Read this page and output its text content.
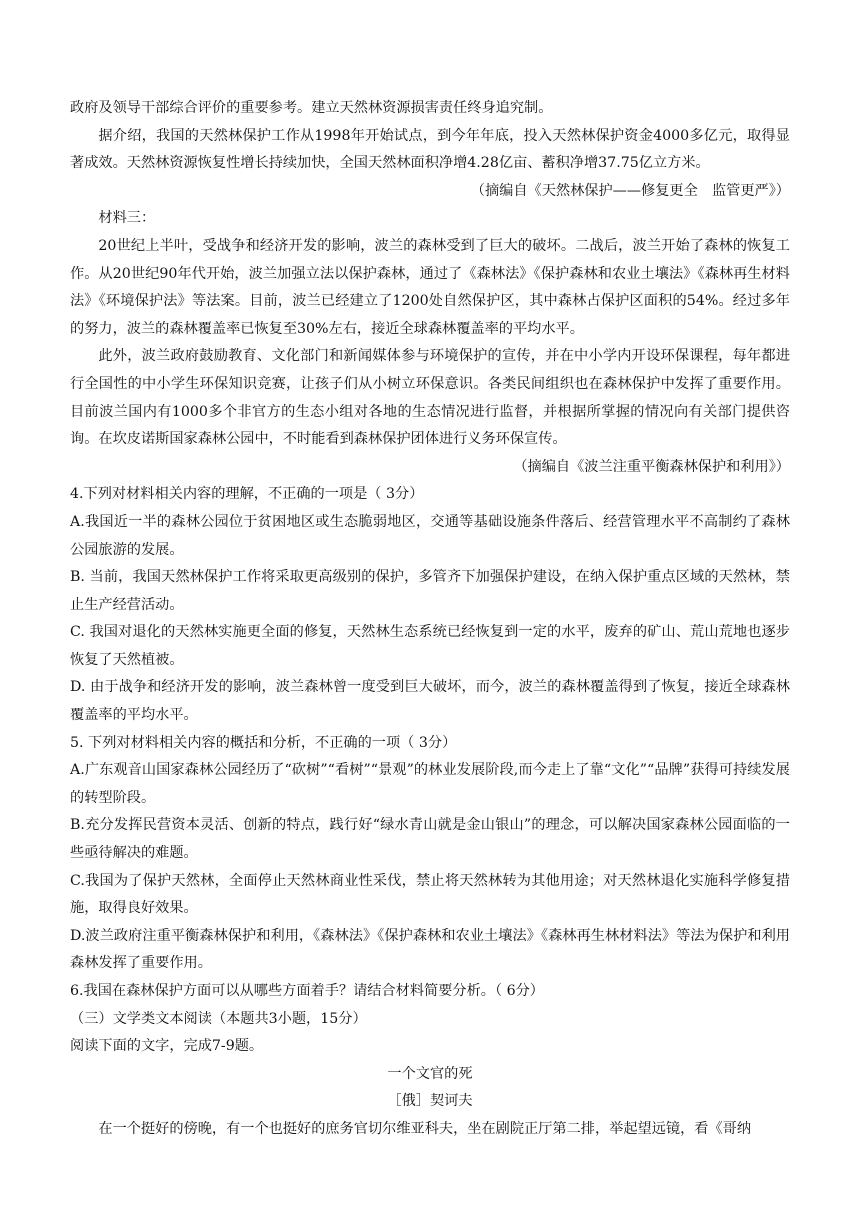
政府及领导干部综合评价的重要参考。建立天然林资源损害责任终身追究制。

据介绍，我国的天然林保护工作从1998年开始试点，到今年年底，投入天然林保护资金4000多亿元，取得显著成效。天然林资源恢复性增长持续加快，全国天然林面积净增4.28亿亩、蓄积净增37.75亿立方米。

（摘编自《天然林保护——修复更全　监管更严》）

材料三：

20世纪上半叶，受战争和经济开发的影响，波兰的森林受到了巨大的破坏。二战后，波兰开始了森林的恢复工作。从20世纪90年代开始，波兰加强立法以保护森林，通过了《森林法》《保护森林和农业土壤法》《森林再生材料法》《环境保护法》等法案。目前，波兰已经建立了1200处自然保护区，其中森林占保护区面积的54%。经过多年的努力，波兰的森林覆盖率已恢复至30%左右，接近全球森林覆盖率的平均水平。

此外，波兰政府鼓励教育、文化部门和新闻媒体参与环境保护的宣传，并在中小学内开设环保课程，每年都进行全国性的中小学生环保知识竞赛，让孩子们从小树立环保意识。各类民间组织也在森林保护中发挥了重要作用。目前波兰国内有1000多个非官方的生态小组对各地的生态情况进行监督，并根据所掌握的情况向有关部门提供咨询。在坎皮诺斯国家森林公园中，不时能看到森林保护团体进行义务环保宣传。

（摘编自《波兰注重平衡森林保护和利用》）

4.下列对材料相关内容的理解，不正确的一项是（ 3分）

A.我国近一半的森林公园位于贫困地区或生态脆弱地区，交通等基础设施条件落后、经营管理水平不高制约了森林公园旅游的发展。

B. 当前，我国天然林保护工作将采取更高级别的保护，多管齐下加强保护建设，在纳入保护重点区域的天然林，禁止生产经营活动。

C. 我国对退化的天然林实施更全面的修复，天然林生态系统已经恢复到一定的水平，废弃的矿山、荒山荒地也逐步恢复了天然植被。

D. 由于战争和经济开发的影响，波兰森林曾一度受到巨大破坏，而今，波兰的森林覆盖得到了恢复，接近全球森林覆盖率的平均水平。

5. 下列对材料相关内容的概括和分析，不正确的一项（ 3分）

A.广东观音山国家森林公园经历了“砍树”“看树”“景观”的林业发展阶段,而今走上了靠“文化”“品牌”获得可持续发展的转型阶段。

B.充分发挥民营资本灵活、创新的特点，践行好“绿水青山就是金山银山”的理念，可以解决国家森林公园面临的一些亟待解决的难题。

C.我国为了保护天然林，全面停止天然林商业性采伐，禁止将天然林转为其他用途；对天然林退化实施科学修复措施，取得良好效果。

D.波兰政府注重平衡森林保护和利用，《森林法》《保护森林和农业土壤法》《森林再生林材料法》等法为保护和利用森林发挥了重要作用。

6.我国在森林保护方面可以从哪些方面着手？请结合材料简要分析。（ 6分）

（三）文学类文本阅读（本题共3小题，15分）

阅读下面的文字，完成7-9题。

一个文官的死

［俄］契诃夫

在一个挺好的傍晚，有一个也挺好的庶务官切尔维亚科夫，坐在剧院正厅第二排，举起望远镜，看《哥纳
